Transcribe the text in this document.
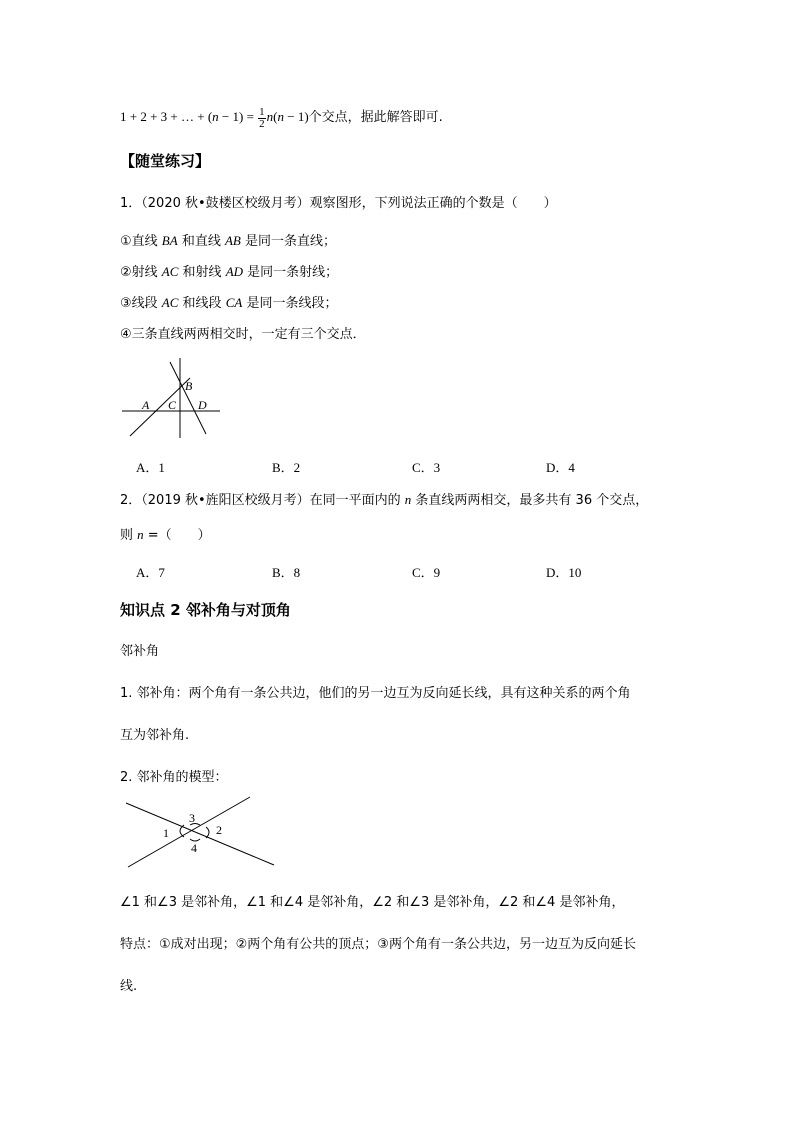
1 + 2 + 3 + … + $(n - 1) = \frac{1}{2} n(n - 1)$个交点，据此解答即可.
【随堂练习】
1．（2020 秋•鼓楼区校级月考）观察图形，下列说法正确的个数是（　　）
①直线 BA 和直线 AB 是同一条直线；
②射线 AC 和射线 AD 是同一条射线；
③线段 AC 和线段 CA 是同一条线段；
④三条直线两两相交时，一定有三个交点．
A
B
C D
A．1	B．2	C．3	D．4
2．（2019 秋•旌阳区校级月考）在同一平面内的 n 条直线两两相交，最多共有 36 个交点，
则 n =（　　）
A．7	B．8	C．9	D．10
知识点 2 邻补角与对顶角
邻补角
1. 邻补角：两个角有一条公共边，他们的另一边互为反向延长线，具有这种关系的两个角
互为邻补角.
2. 邻补角的模型：
1	2
3
4
∠1 和∠3 是邻补角，∠1 和∠4 是邻补角，∠2 和∠3 是邻补角，∠2 和∠4 是邻补角，
特点：①成对出现；②两个角有公共的顶点；③两个角有一条公共边，另一边互为反向延长
线.
